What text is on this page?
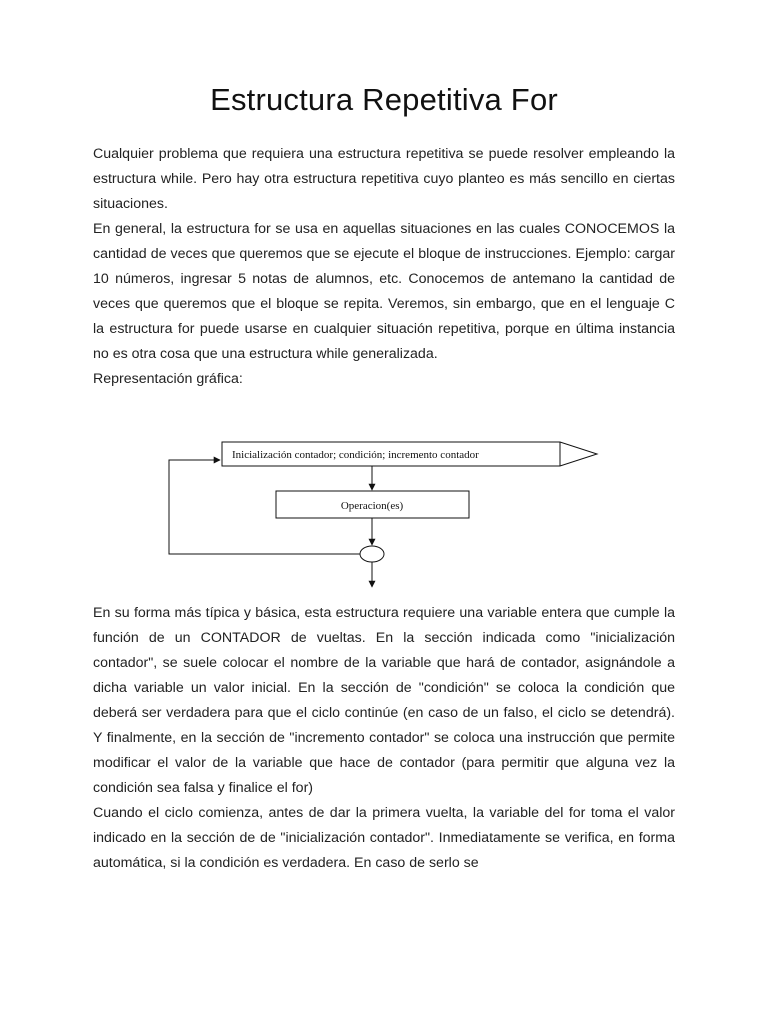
Estructura Repetitiva For

Cualquier problema que requiera una estructura repetitiva se puede resolver empleando la estructura while. Pero hay otra estructura repetitiva cuyo planteo es más sencillo en ciertas situaciones.

En general, la estructura for se usa en aquellas situaciones en las cuales CONOCEMOS la cantidad de veces que queremos que se ejecute el bloque de instrucciones. Ejemplo: cargar 10 números, ingresar 5 notas de alumnos, etc. Conocemos de antemano la cantidad de veces que queremos que el bloque se repita. Veremos, sin embargo, que en el lenguaje C la estructura for puede usarse en cualquier situación repetitiva, porque en última instancia no es otra cosa que una estructura while generalizada.

Representación gráfica:

Inicialización contador; condición; incremento contador
Operacion(es)

En su forma más típica y básica, esta estructura requiere una variable entera que cumple la función de un CONTADOR de vueltas. En la sección indicada como "inicialización contador", se suele colocar el nombre de la variable que hará de contador, asignándole a dicha variable un valor inicial. En la sección de "condición" se coloca la condición que deberá ser verdadera para que el ciclo continúe (en caso de un falso, el ciclo se detendrá). Y finalmente, en la sección de "incremento contador" se coloca una instrucción que permite modificar el valor de la variable que hace de contador (para permitir que alguna vez la condición sea falsa y finalice el for)

Cuando el ciclo comienza, antes de dar la primera vuelta, la variable del for toma el valor indicado en la sección de de "inicialización contador". Inmediatamente se verifica, en forma automática, si la condición es verdadera. En caso de serlo se
